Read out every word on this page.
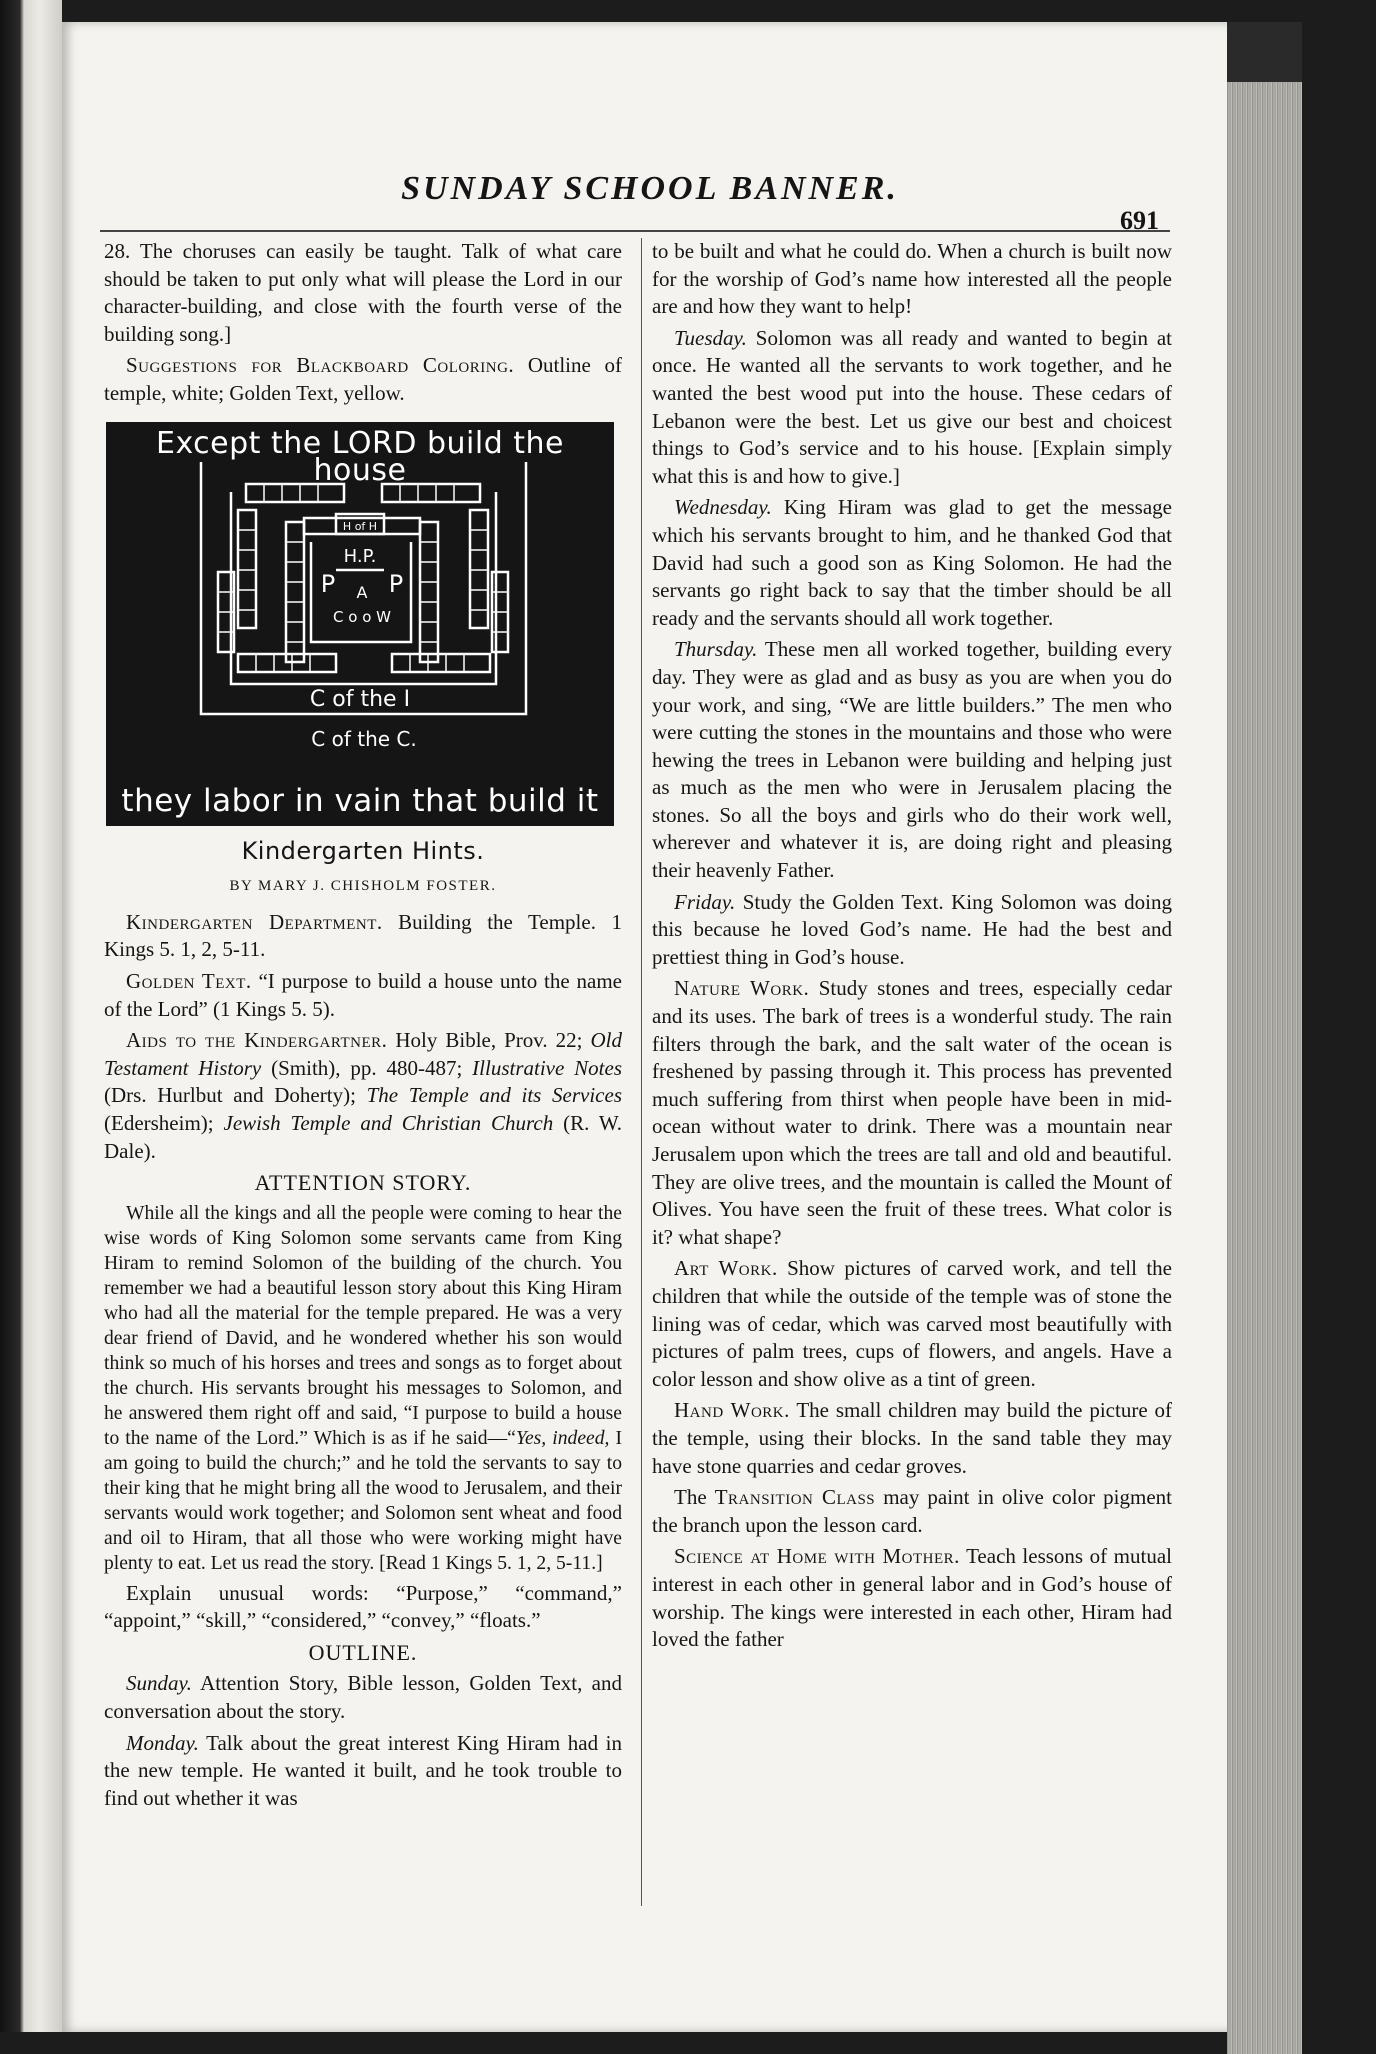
SUNDAY SCHOOL BANNER.
691

28. The choruses can easily be taught. Talk of what care should be taken to put only what will please the Lord in our character-building, and close with the fourth verse of the building song.]

Suggestions for Blackboard Coloring. Outline of temple, white; Golden Text, yellow.

Except the LORD build the house
H of H
H.P.
P P
A
C o o W
C of the I
C of the C.
they labor in vain that build it
Kindergarten Hints.
BY MARY J. CHISHOLM FOSTER.

Kindergarten Department. Building the Temple. 1 Kings 5. 1, 2, 5-11.

Golden Text. “I purpose to build a house unto the name of the Lord” (1 Kings 5. 5).

Aids to the Kindergartner. Holy Bible, Prov. 22; Old Testament History (Smith), pp. 480-487; Illustrative Notes (Drs. Hurlbut and Doherty); The Temple and its Services (Edersheim); Jewish Temple and Christian Church (R. W. Dale).

ATTENTION STORY.

While all the kings and all the people were coming to hear the wise words of King Solomon some servants came from King Hiram to remind Solomon of the building of the church. You remember we had a beautiful lesson story about this King Hiram who had all the material for the temple prepared. He was a very dear friend of David, and he wondered whether his son would think so much of his horses and trees and songs as to forget about the church. His servants brought his messages to Solomon, and he answered them right off and said, “I purpose to build a house to the name of the Lord.” Which is as if he said—“Yes, indeed, I am going to build the church;” and he told the servants to say to their king that he might bring all the wood to Jerusalem, and their servants would work together; and Solomon sent wheat and food and oil to Hiram, that all those who were working might have plenty to eat. Let us read the story. [Read 1 Kings 5. 1, 2, 5-11.]

Explain unusual words: “Purpose,” “command,” “appoint,” “skill,” “considered,” “convey,” “floats.”

OUTLINE.

Sunday. Attention Story, Bible lesson, Golden Text, and conversation about the story.

Monday. Talk about the great interest King Hiram had in the new temple. He wanted it built, and he took trouble to find out whether it was

to be built and what he could do. When a church is built now for the worship of God’s name how interested all the people are and how they want to help!

Tuesday. Solomon was all ready and wanted to begin at once. He wanted all the servants to work together, and he wanted the best wood put into the house. These cedars of Lebanon were the best. Let us give our best and choicest things to God’s service and to his house. [Explain simply what this is and how to give.]

Wednesday. King Hiram was glad to get the message which his servants brought to him, and he thanked God that David had such a good son as King Solomon. He had the servants go right back to say that the timber should be all ready and the servants should all work together.

Thursday. These men all worked together, building every day. They were as glad and as busy as you are when you do your work, and sing, “We are little builders.” The men who were cutting the stones in the mountains and those who were hewing the trees in Lebanon were building and helping just as much as the men who were in Jerusalem placing the stones. So all the boys and girls who do their work well, wherever and whatever it is, are doing right and pleasing their heavenly Father.

Friday. Study the Golden Text. King Solomon was doing this because he loved God’s name. He had the best and prettiest thing in God’s house.

Nature Work. Study stones and trees, especially cedar and its uses. The bark of trees is a wonderful study. The rain filters through the bark, and the salt water of the ocean is freshened by passing through it. This process has prevented much suffering from thirst when people have been in mid-ocean without water to drink. There was a mountain near Jerusalem upon which the trees are tall and old and beautiful. They are olive trees, and the mountain is called the Mount of Olives. You have seen the fruit of these trees. What color is it? what shape?

Art Work. Show pictures of carved work, and tell the children that while the outside of the temple was of stone the lining was of cedar, which was carved most beautifully with pictures of palm trees, cups of flowers, and angels. Have a color lesson and show olive as a tint of green.

Hand Work. The small children may build the picture of the temple, using their blocks. In the sand table they may have stone quarries and cedar groves.

The Transition Class may paint in olive color pigment the branch upon the lesson card.

Science at Home with Mother. Teach lessons of mutual interest in each other in general labor and in God’s house of worship. The kings were interested in each other, Hiram had loved the father
